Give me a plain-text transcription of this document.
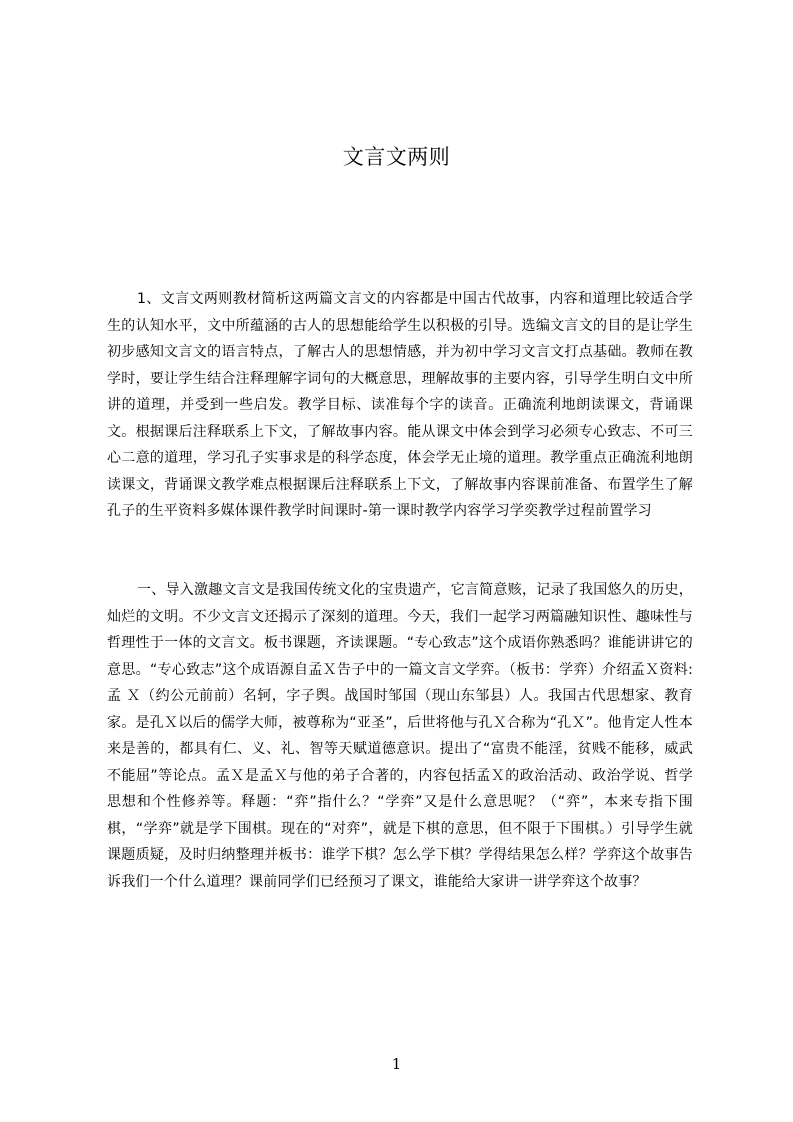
文言文两则

1、文言文两则教材简析这两篇文言文的内容都是中国古代故事，内容和道理比较适合学生的认知水平，文中所蕴涵的古人的思想能给学生以积极的引导。选编文言文的目的是让学生初步感知文言文的语言特点，了解古人的思想情感，并为初中学习文言文打点基础。教师在教学时，要让学生结合注释理解字词句的大概意思，理解故事的主要内容，引导学生明白文中所讲的道理，并受到一些启发。教学目标、读准每个字的读音。正确流利地朗读课文，背诵课文。根据课后注释联系上下文，了解故事内容。能从课文中体会到学习必须专心致志、不可三心二意的道理，学习孔子实事求是的科学态度，体会学无止境的道理。教学重点正确流利地朗读课文，背诵课文教学难点根据课后注释联系上下文，了解故事内容课前准备、布置学生了解孔子的生平资料多媒体课件教学时间课时-第一课时教学内容学习学奕教学过程前置学习

一、导入激趣文言文是我国传统文化的宝贵遗产，它言简意赅，记录了我国悠久的历史，灿烂的文明。不少文言文还揭示了深刻的道理。今天，我们一起学习两篇融知识性、趣味性与哲理性于一体的文言文。板书课题，齐读课题。“专心致志”这个成语你熟悉吗？谁能讲讲它的意思。“专心致志”这个成语源自孟Ｘ告子中的一篇文言文学弈。（板书：学弈）介绍孟Ｘ资料:孟 Ｘ（约公元前前）名轲，字子舆。战国时邹国（现山东邹县）人。我国古代思想家、教育家。是孔Ｘ以后的儒学大师，被尊称为“亚圣”，后世将他与孔Ｘ合称为“孔Ｘ”。他肯定人性本来是善的，都具有仁、义、礼、智等天赋道德意识。提出了“富贵不能淫，贫贱不能移，威武不能屈”等论点。孟Ｘ是孟Ｘ与他的弟子合著的，内容包括孟Ｘ的政治活动、政治学说、哲学思想和个性修养等。释题：“弈”指什么？“学弈”又是什么意思呢？（“弈”，本来专指下围棋，“学弈”就是学下围棋。现在的“对弈”，就是下棋的意思，但不限于下围棋。）引导学生就课题质疑，及时归纳整理并板书：谁学下棋？怎么学下棋？学得结果怎么样？学弈这个故事告诉我们一个什么道理？课前同学们已经预习了课文，谁能给大家讲一讲学弈这个故事？

1
